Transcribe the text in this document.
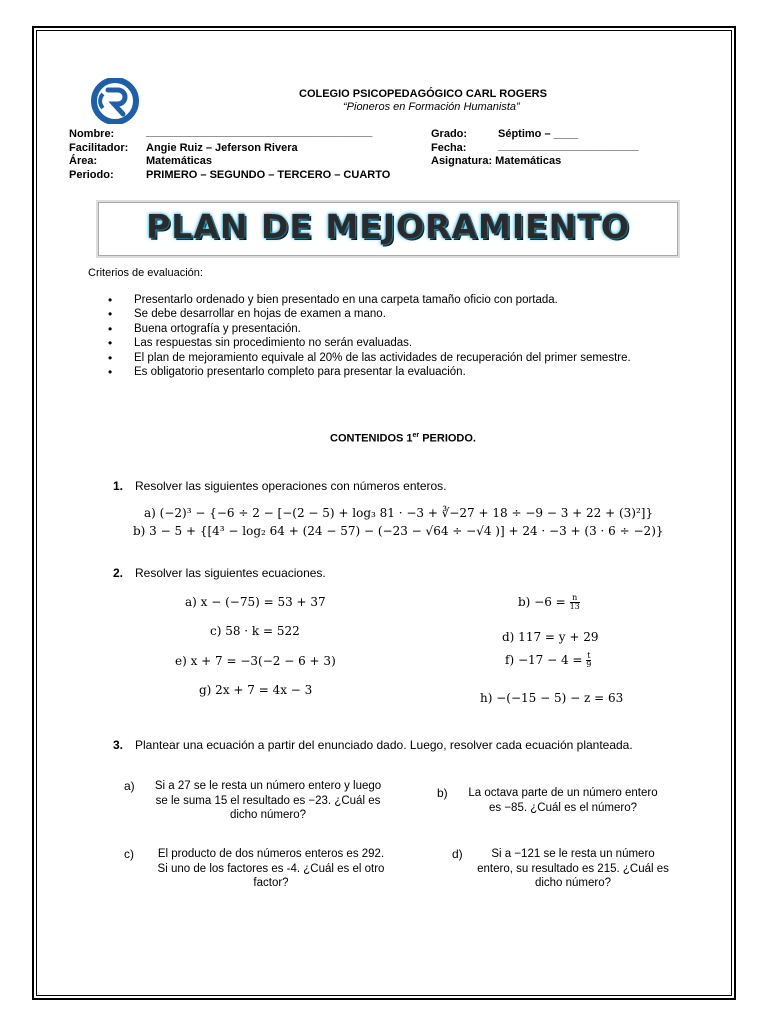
COLEGIO PSICOPEDAGÓGICO CARL ROGERS
“Pioneros en Formación Humanista”
Nombre:	_____________________________________
Facilitador: Angie Ruiz – Jeferson Rivera
Área:	Matemáticas
Periodo:	PRIMERO – SEGUNDO – TERCERO – CUARTO
Grado:	Séptimo – ____
Fecha:	_______________________
Asignatura: Matemáticas
PLAN DE MEJORAMIENTO
Criterios de evaluación:
• Presentarlo ordenado y bien presentado en una carpeta tamaño oficio con portada.
• Se debe desarrollar en hojas de examen a mano.
• Buena ortografía y presentación.
• Las respuestas sin procedimiento no serán evaluadas.
• El plan de mejoramiento equivale al 20% de las actividades de recuperación del primer semestre.
• Es obligatorio presentarlo completo para presentar la evaluación.
CONTENIDOS 1er PERIODO.
1. Resolver las siguientes operaciones con números enteros.
a) (−2)³ − {−6 ÷ 2 − [−(2 − 5) + log₃ 81 · −3 + ∛−27 + 18 ÷ −9 − 3 + 22 + (3)²]}
b) 3 − 5 + {[4³ − log₂ 64 + (24 − 57) − (−23 − √64 ÷ −√4 )] + 24 · −3 + (3 · 6 ÷ −2)}
2. Resolver las siguientes ecuaciones.
a) x − (−75) = 53 + 37	$b) -6 = \frac{n}{13}$
c) 58 · k = 522	d) 117 = y + 29
e) x + 7 = −3(−2 − 6 + 3)	$f) -17 - 4 = \frac{t}{9}$
g) 2x + 7 = 4x − 3
h) −(−15 − 5) − z = 63
3. Plantear una ecuación a partir del enunciado dado. Luego, resolver cada ecuación planteada.
a)	Si a 27 se le resta un número entero y luego
se le suma 15 el resultado es −23. ¿Cuál es
dicho número?
b)	La octava parte de un número entero
es −85. ¿Cuál es el número?
c)	El producto de dos números enteros es 292.
Si uno de los factores es -4. ¿Cuál es el otro
factor?
d)	Si a −121 se le resta un número
entero, su resultado es 215. ¿Cuál es
dicho número?
